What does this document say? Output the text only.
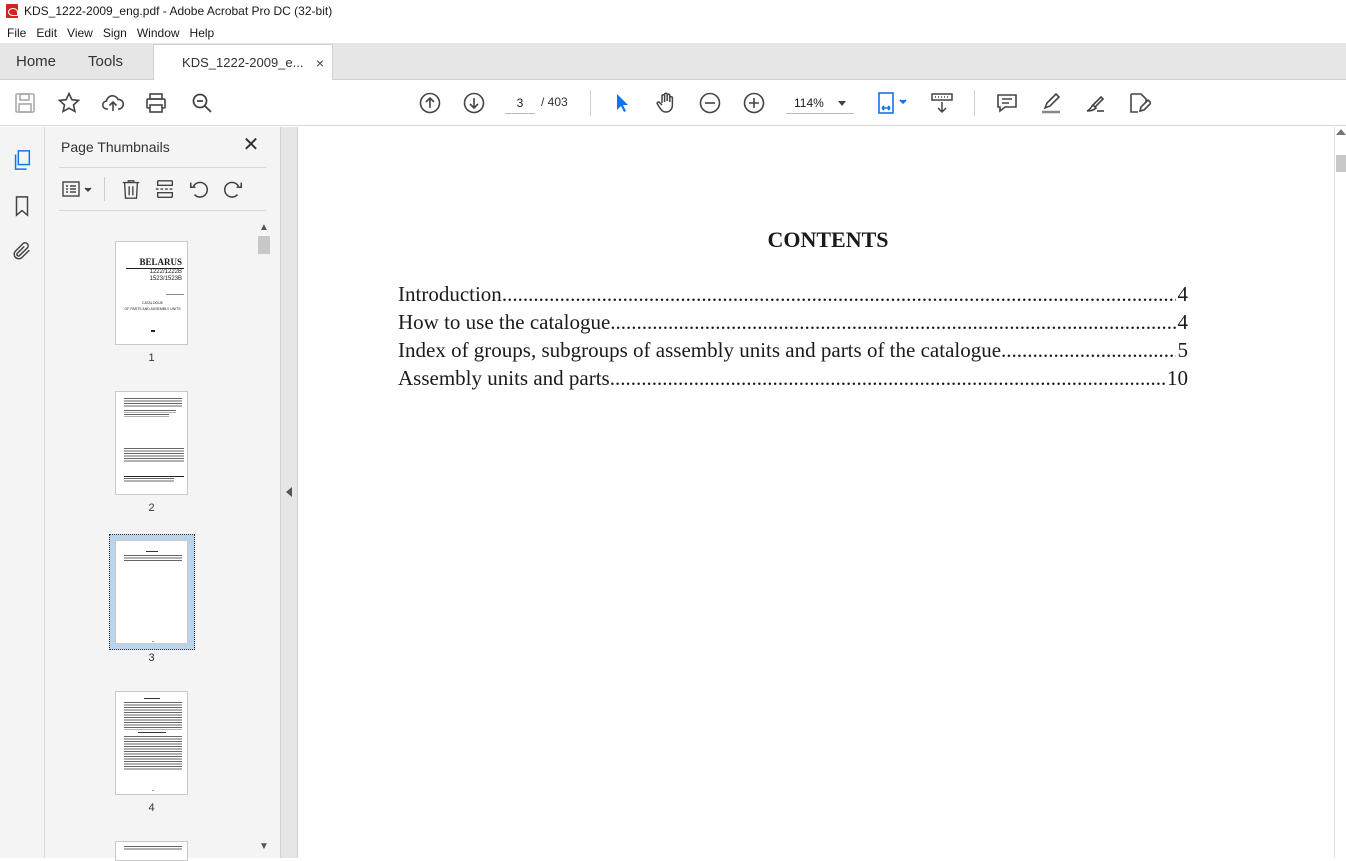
KDS_1222-2009_eng.pdf - Adobe Acrobat Pro DC (32-bit)
File Edit View Sign Window Help
Home	Tools	KDS_1222-2009_e... ×
3	/ 403	114%
Page Thumbnails	✕
BELARUS
1222/1222B
1523/1523B
CATALOGUE
OF PARTS AND ASSEMBLY UNITS
1
2
3
4
▲
▼
CONTENTS
Introduction .....	4
How to use the catalogue .....	4
Index of groups, subgroups of assembly units and parts of the catalogue .....	5
Assembly units and parts .....	10
